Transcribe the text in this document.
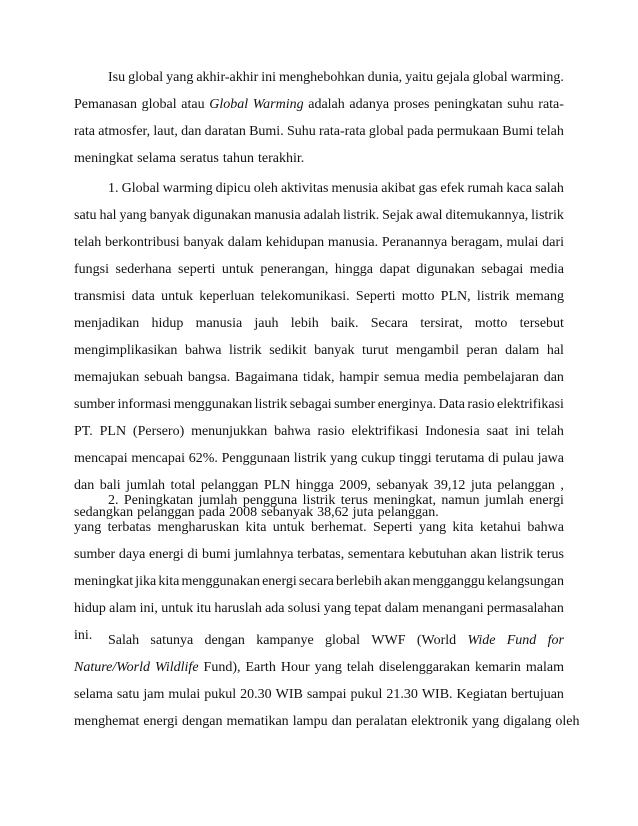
Isu global yang akhir-akhir ini menghebohkan dunia, yaitu gejala global warming.
Pemanasan global atau Global Warming adalah adanya proses peningkatan suhu rata-
rata atmosfer, laut, dan daratan Bumi. Suhu rata-rata global pada permukaan Bumi telah
meningkat selama seratus tahun terakhir.
1. Global warming dipicu oleh aktivitas menusia akibat gas efek rumah kaca salah
satu hal yang banyak digunakan manusia adalah listrik. Sejak awal ditemukannya, listrik
telah berkontribusi banyak dalam kehidupan manusia. Peranannya beragam, mulai dari
fungsi sederhana seperti untuk penerangan, hingga dapat digunakan sebagai media
transmisi data untuk keperluan telekomunikasi. Seperti motto PLN, listrik memang
menjadikan hidup manusia jauh lebih baik. Secara tersirat, motto tersebut
mengimplikasikan bahwa listrik sedikit banyak turut mengambil peran dalam hal
memajukan sebuah bangsa. Bagaimana tidak, hampir semua media pembelajaran dan
sumber informasi menggunakan listrik sebagai sumber energinya. Data rasio elektrifikasi
PT. PLN (Persero) menunjukkan bahwa rasio elektrifikasi Indonesia saat ini telah
mencapai mencapai 62%. Penggunaan listrik yang cukup tinggi terutama di pulau jawa
dan bali jumlah total pelanggan PLN hingga 2009, sebanyak 39,12 juta pelanggan ,
sedangkan pelanggan pada 2008 sebanyak 38,62 juta pelanggan.
2. Peningkatan jumlah pengguna listrik terus meningkat, namun jumlah energi
yang terbatas mengharuskan kita untuk berhemat. Seperti yang kita ketahui bahwa
sumber daya energi di bumi jumlahnya terbatas, sementara kebutuhan akan listrik terus
meningkat jika kita menggunakan energi secara berlebih akan mengganggu kelangsungan
hidup alam ini, untuk itu haruslah ada solusi yang tepat dalam menangani permasalahan
ini. Salah satunya dengan kampanye global WWF (World Wide Fund for
Nature/World Wildlife Fund), Earth Hour yang telah diselenggarakan kemarin malam
selama satu jam mulai pukul 20.30 WIB sampai pukul 21.30 WIB. Kegiatan bertujuan
menghemat energi dengan mematikan lampu dan peralatan elektronik yang digalang oleh
